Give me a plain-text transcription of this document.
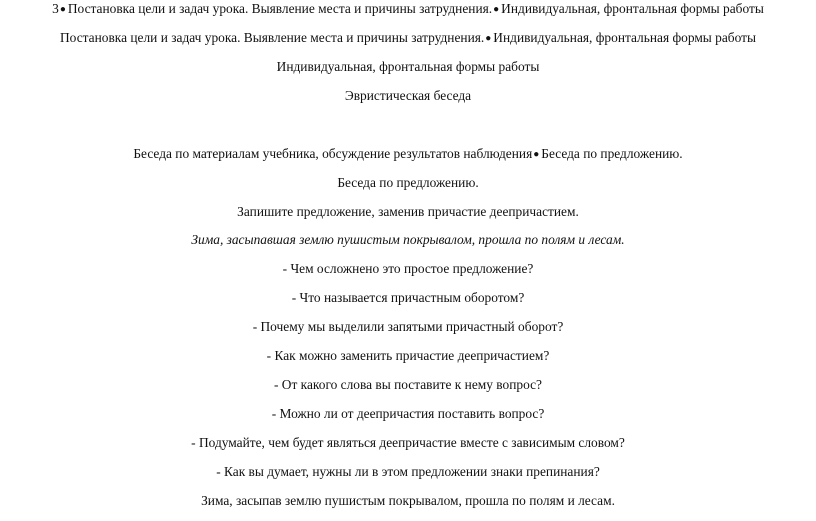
3● Постановка цели и задач урока. Выявление места и причины затруднения.● Индивидуальная, фронтальная формы работы
Постановка цели и задач урока. Выявление места и причины затруднения.● Индивидуальная, фронтальная формы работы
Индивидуальная, фронтальная формы работы
Эвристическая беседа
Беседа по материалам учебника, обсуждение результатов наблюдения● Беседа по предложению.
Беседа по предложению.
Запишите предложение, заменив причастие деепричастием.
Зима, засыпавшая землю пушистым покрывалом, прошла по полям и лесам.
- Чем осложнено это простое предложение?
- Что называется причастным оборотом?
- Почему мы выделили запятыми причастный оборот?
- Как можно заменить причастие деепричастием?
- От какого слова вы поставите к нему вопрос?
- Можно ли от деепричастия поставить вопрос?
- Подумайте, чем будет являться деепричастие вместе с зависимым словом?
- Как вы думает, нужны ли в этом предложении знаки препинания?
Зима, засыпав землю пушистым покрывалом, прошла по полям и лесам.
